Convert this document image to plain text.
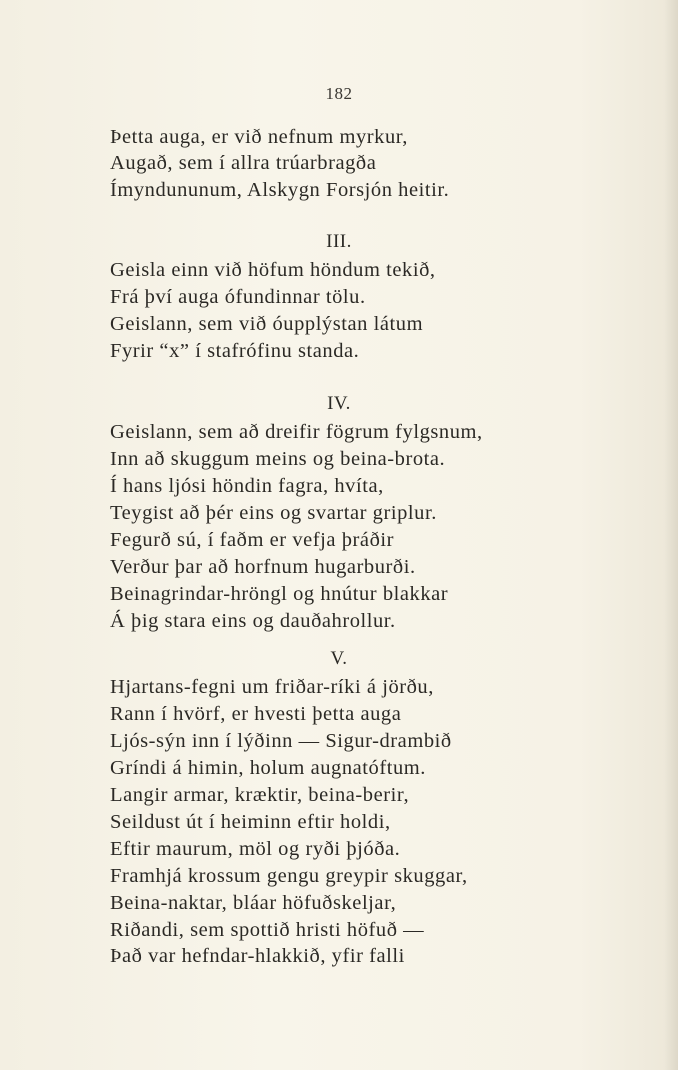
182
Þetta auga, er við nefnum myrkur,
Augað, sem í allra trúarbragða
Ímyndununum, Alskygn Forsjón heitir.
III.
Geisla einn við höfum höndum tekið,
Frá því auga ófundinnar tölu.
Geislann, sem við óupplýstan látum
Fyrir “x” í stafrófinu standa.
IV.
Geislann, sem að dreifir fögrum fylgsnum,
Inn að skuggum meins og beina-brota.
Í hans ljósi höndin fagra, hvíta,
Teygist að þér eins og svartar griplur.
Fegurð sú, í faðm er vefja þráðir
Verður þar að horfnum hugarburði.
Beinagrindar-hröngl og hnútur blakkar
Á þig stara eins og dauðahrollur.
V.
Hjartans-fegni um friðar-ríki á jörðu,
Rann í hvörf, er hvesti þetta auga
Ljós-sýn inn í lýðinn — Sigur-drambið
Gríndi á himin, holum augnatóftum.
Langir armar, kræktir, beina-berir,
Seildust út í heiminn eftir holdi,
Eftir maurum, möl og ryði þjóða.
Framhjá krossum gengu greypir skuggar,
Beina-naktar, bláar höfuðskeljar,
Riðandi, sem spottið hristi höfuð —
Það var hefndar-hlakkið, yfir falli
